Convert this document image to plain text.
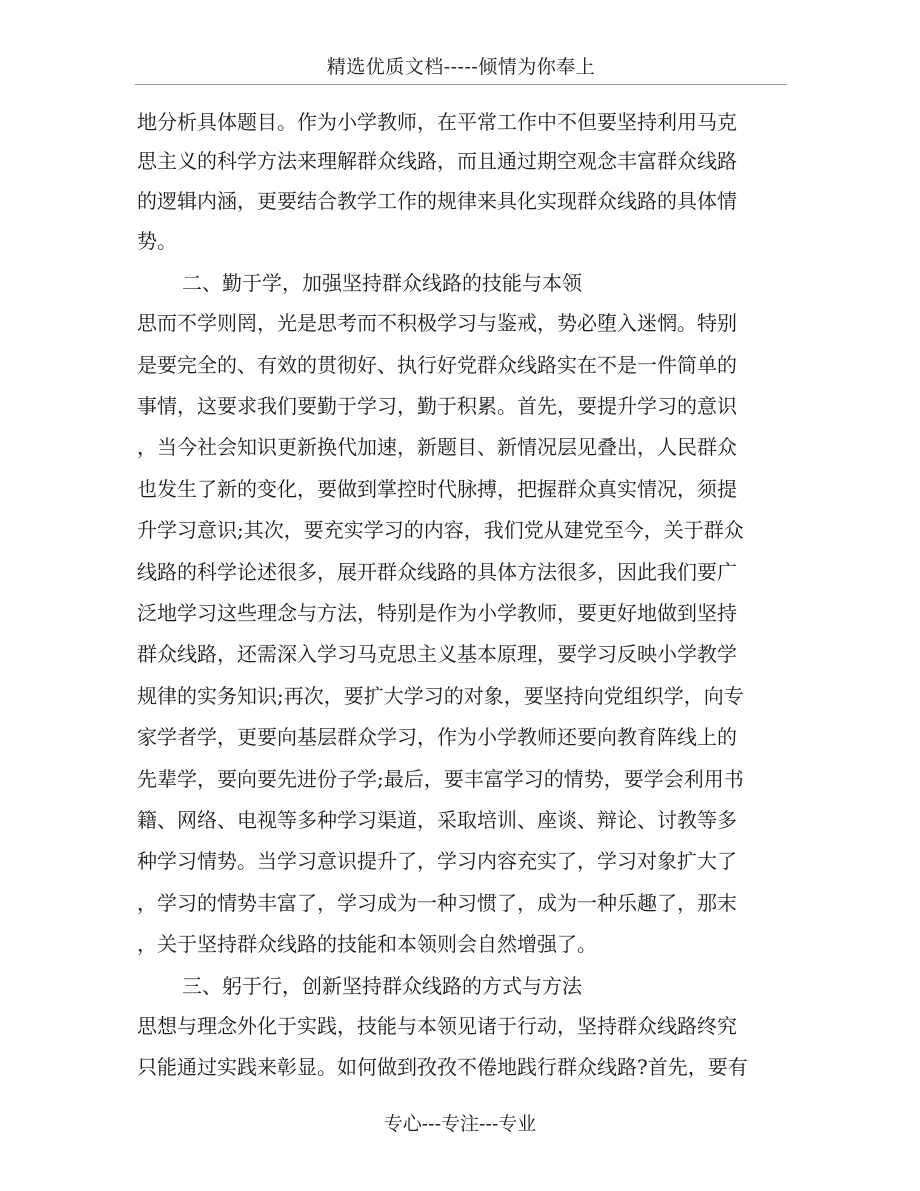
精选优质文档-----倾情为你奉上
地分析具体题目。作为小学教师，在平常工作中不但要坚持利用马克
思主义的科学方法来理解群众线路，而且通过期空观念丰富群众线路
的逻辑内涵，更要结合教学工作的规律来具化实现群众线路的具体情
势。
二、勤于学，加强坚持群众线路的技能与本领
思而不学则罔，光是思考而不积极学习与鉴戒，势必堕入迷惘。特别
是要完全的、有效的贯彻好、执行好党群众线路实在不是一件简单的
事情，这要求我们要勤于学习，勤于积累。首先，要提升学习的意识
，当今社会知识更新换代加速，新题目、新情况层见叠出，人民群众
也发生了新的变化，要做到掌控时代脉搏，把握群众真实情况，须提
升学习意识;其次，要充实学习的内容，我们党从建党至今，关于群众
线路的科学论述很多，展开群众线路的具体方法很多，因此我们要广
泛地学习这些理念与方法，特别是作为小学教师，要更好地做到坚持
群众线路，还需深入学习马克思主义基本原理，要学习反映小学教学
规律的实务知识;再次，要扩大学习的对象，要坚持向党组织学，向专
家学者学，更要向基层群众学习，作为小学教师还要向教育阵线上的
先辈学，要向要先进份子学;最后，要丰富学习的情势，要学会利用书
籍、网络、电视等多种学习渠道，采取培训、座谈、辩论、讨教等多
种学习情势。当学习意识提升了，学习内容充实了，学习对象扩大了
，学习的情势丰富了，学习成为一种习惯了，成为一种乐趣了，那末
，关于坚持群众线路的技能和本领则会自然增强了。
三、躬于行，创新坚持群众线路的方式与方法
思想与理念外化于实践，技能与本领见诸于行动，坚持群众线路终究
只能通过实践来彰显。如何做到孜孜不倦地践行群众线路?首先，要有
专心---专注---专业
